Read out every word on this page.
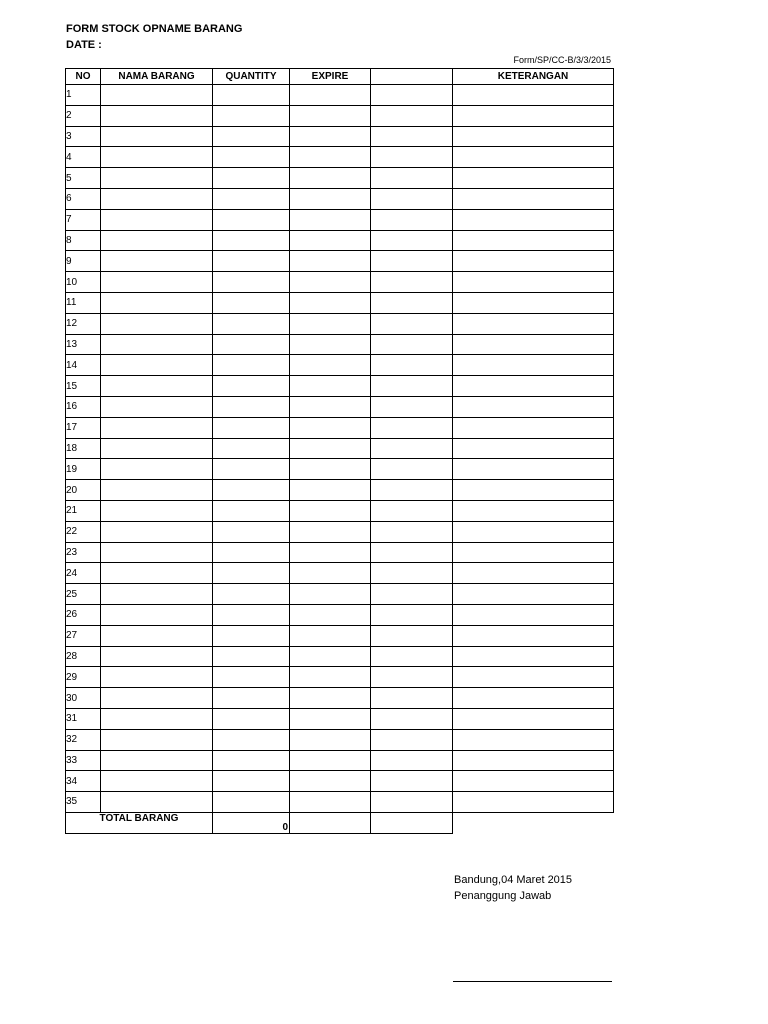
FORM STOCK OPNAME BARANG
DATE :
Form/SP/CC-B/3/3/2015
NO	NAMA BARANG	QUANTITY	EXPIRE		KETERANGAN
1					
2					
3					
4					
5					
6					
7					
8					
9					
10					
11					
12					
13					
14					
15					
16					
17					
18					
19					
20					
21					
22					
23					
24					
25					
26					
27					
28					
29					
30					
31					
32					
33					
34					
35					
TOTAL BARANG		0			
Bandung,04 Maret 2015
Penanggung Jawab
